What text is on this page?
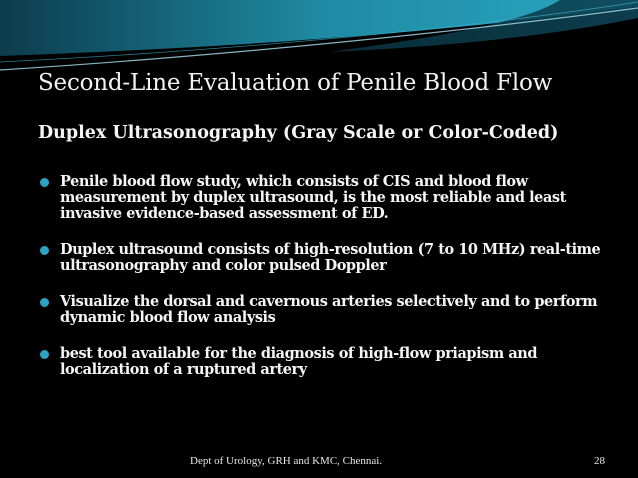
Second-Line Evaluation of Penile Blood Flow
Duplex Ultrasonography (Gray Scale or Color-Coded)
Penile blood flow study, which consists of CIS and blood flow measurement by duplex ultrasound, is the most reliable and least invasive evidence-based assessment of ED.
Duplex ultrasound consists of high-resolution (7 to 10 MHz) real-time ultrasonography and color pulsed Doppler
Visualize the dorsal and cavernous arteries selectively and to perform dynamic blood flow analysis
best tool available for the diagnosis of high-flow priapism and localization of a ruptured artery
Dept of Urology, GRH and KMC, Chennai.	28
